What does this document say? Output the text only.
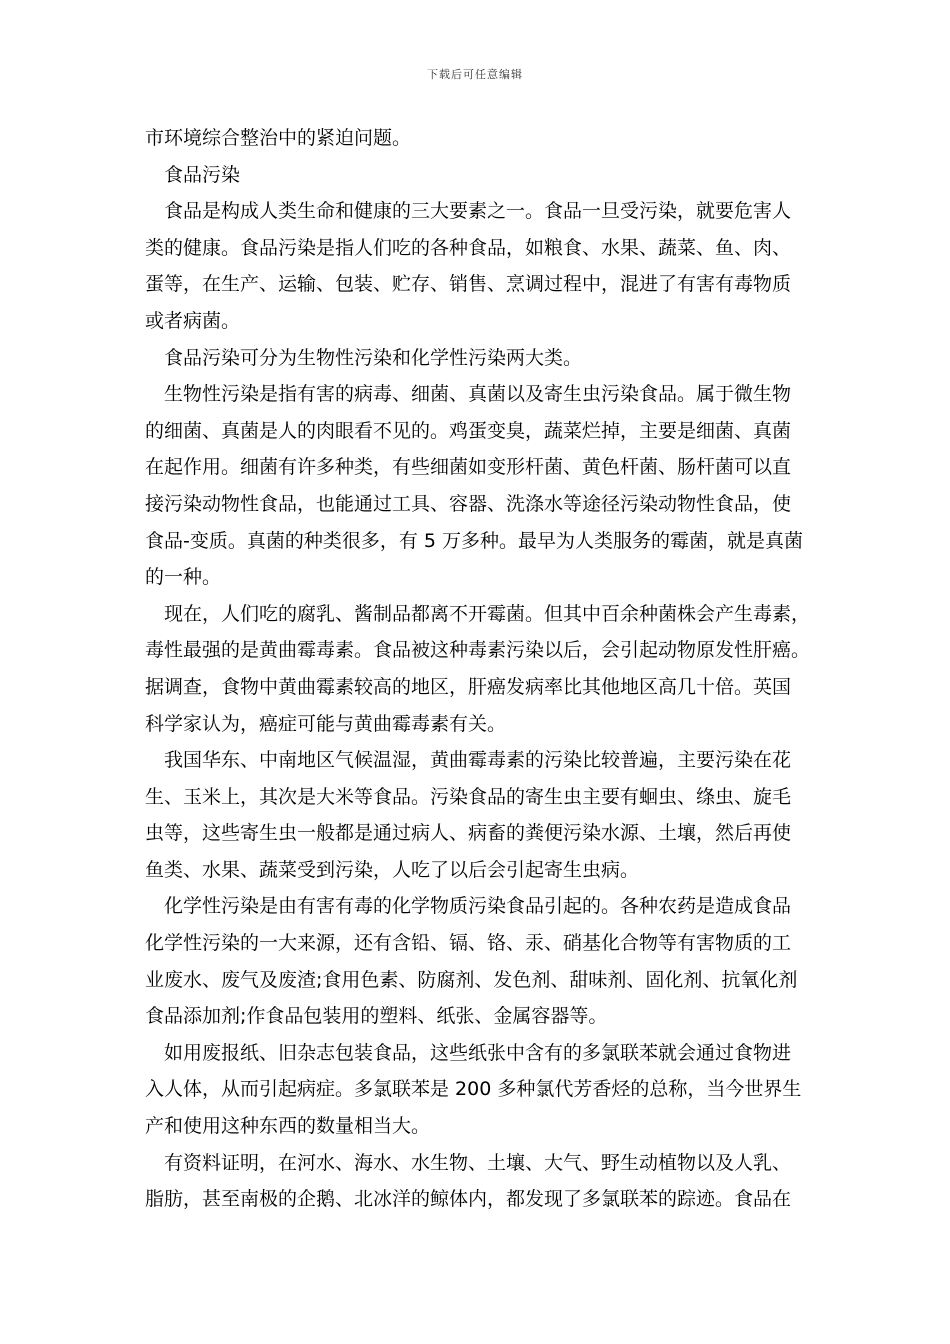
下载后可任意编辑

市环境综合整治中的紧迫问题。

食品污染

食品是构成人类生命和健康的三大要素之一。食品一旦受污染，就要危害人
类的健康。食品污染是指人们吃的各种食品，如粮食、水果、蔬菜、鱼、肉、
蛋等，在生产、运输、包装、贮存、销售、烹调过程中，混进了有害有毒物质
或者病菌。

食品污染可分为生物性污染和化学性污染两大类。

生物性污染是指有害的病毒、细菌、真菌以及寄生虫污染食品。属于微生物
的细菌、真菌是人的肉眼看不见的。鸡蛋变臭，蔬菜烂掉，主要是细菌、真菌
在起作用。细菌有许多种类，有些细菌如变形杆菌、黄色杆菌、肠杆菌可以直
接污染动物性食品，也能通过工具、容器、洗涤水等途径污染动物性食品，使
食品-变质。真菌的种类很多，有 5 万多种。最早为人类服务的霉菌，就是真菌
的一种。

现在，人们吃的腐乳、酱制品都离不开霉菌。但其中百余种菌株会产生毒素，
毒性最强的是黄曲霉毒素。食品被这种毒素污染以后，会引起动物原发性肝癌。
据调查，食物中黄曲霉素较高的地区，肝癌发病率比其他地区高几十倍。英国
科学家认为，癌症可能与黄曲霉毒素有关。

我国华东、中南地区气候温湿，黄曲霉毒素的污染比较普遍，主要污染在花
生、玉米上，其次是大米等食品。污染食品的寄生虫主要有蛔虫、绦虫、旋毛
虫等，这些寄生虫一般都是通过病人、病畜的粪便污染水源、土壤，然后再使
鱼类、水果、蔬菜受到污染，人吃了以后会引起寄生虫病。

化学性污染是由有害有毒的化学物质污染食品引起的。各种农药是造成食品
化学性污染的一大来源，还有含铅、镉、铬、汞、硝基化合物等有害物质的工
业废水、废气及废渣;食用色素、防腐剂、发色剂、甜味剂、固化剂、抗氧化剂
食品添加剂;作食品包装用的塑料、纸张、金属容器等。

如用废报纸、旧杂志包装食品，这些纸张中含有的多氯联苯就会通过食物进
入人体，从而引起病症。多氯联苯是 200 多种氯代芳香烃的总称，当今世界生
产和使用这种东西的数量相当大。

有资料证明，在河水、海水、水生物、土壤、大气、野生动植物以及人乳、
脂肪，甚至南极的企鹅、北冰洋的鲸体内，都发现了多氯联苯的踪迹。食品在
